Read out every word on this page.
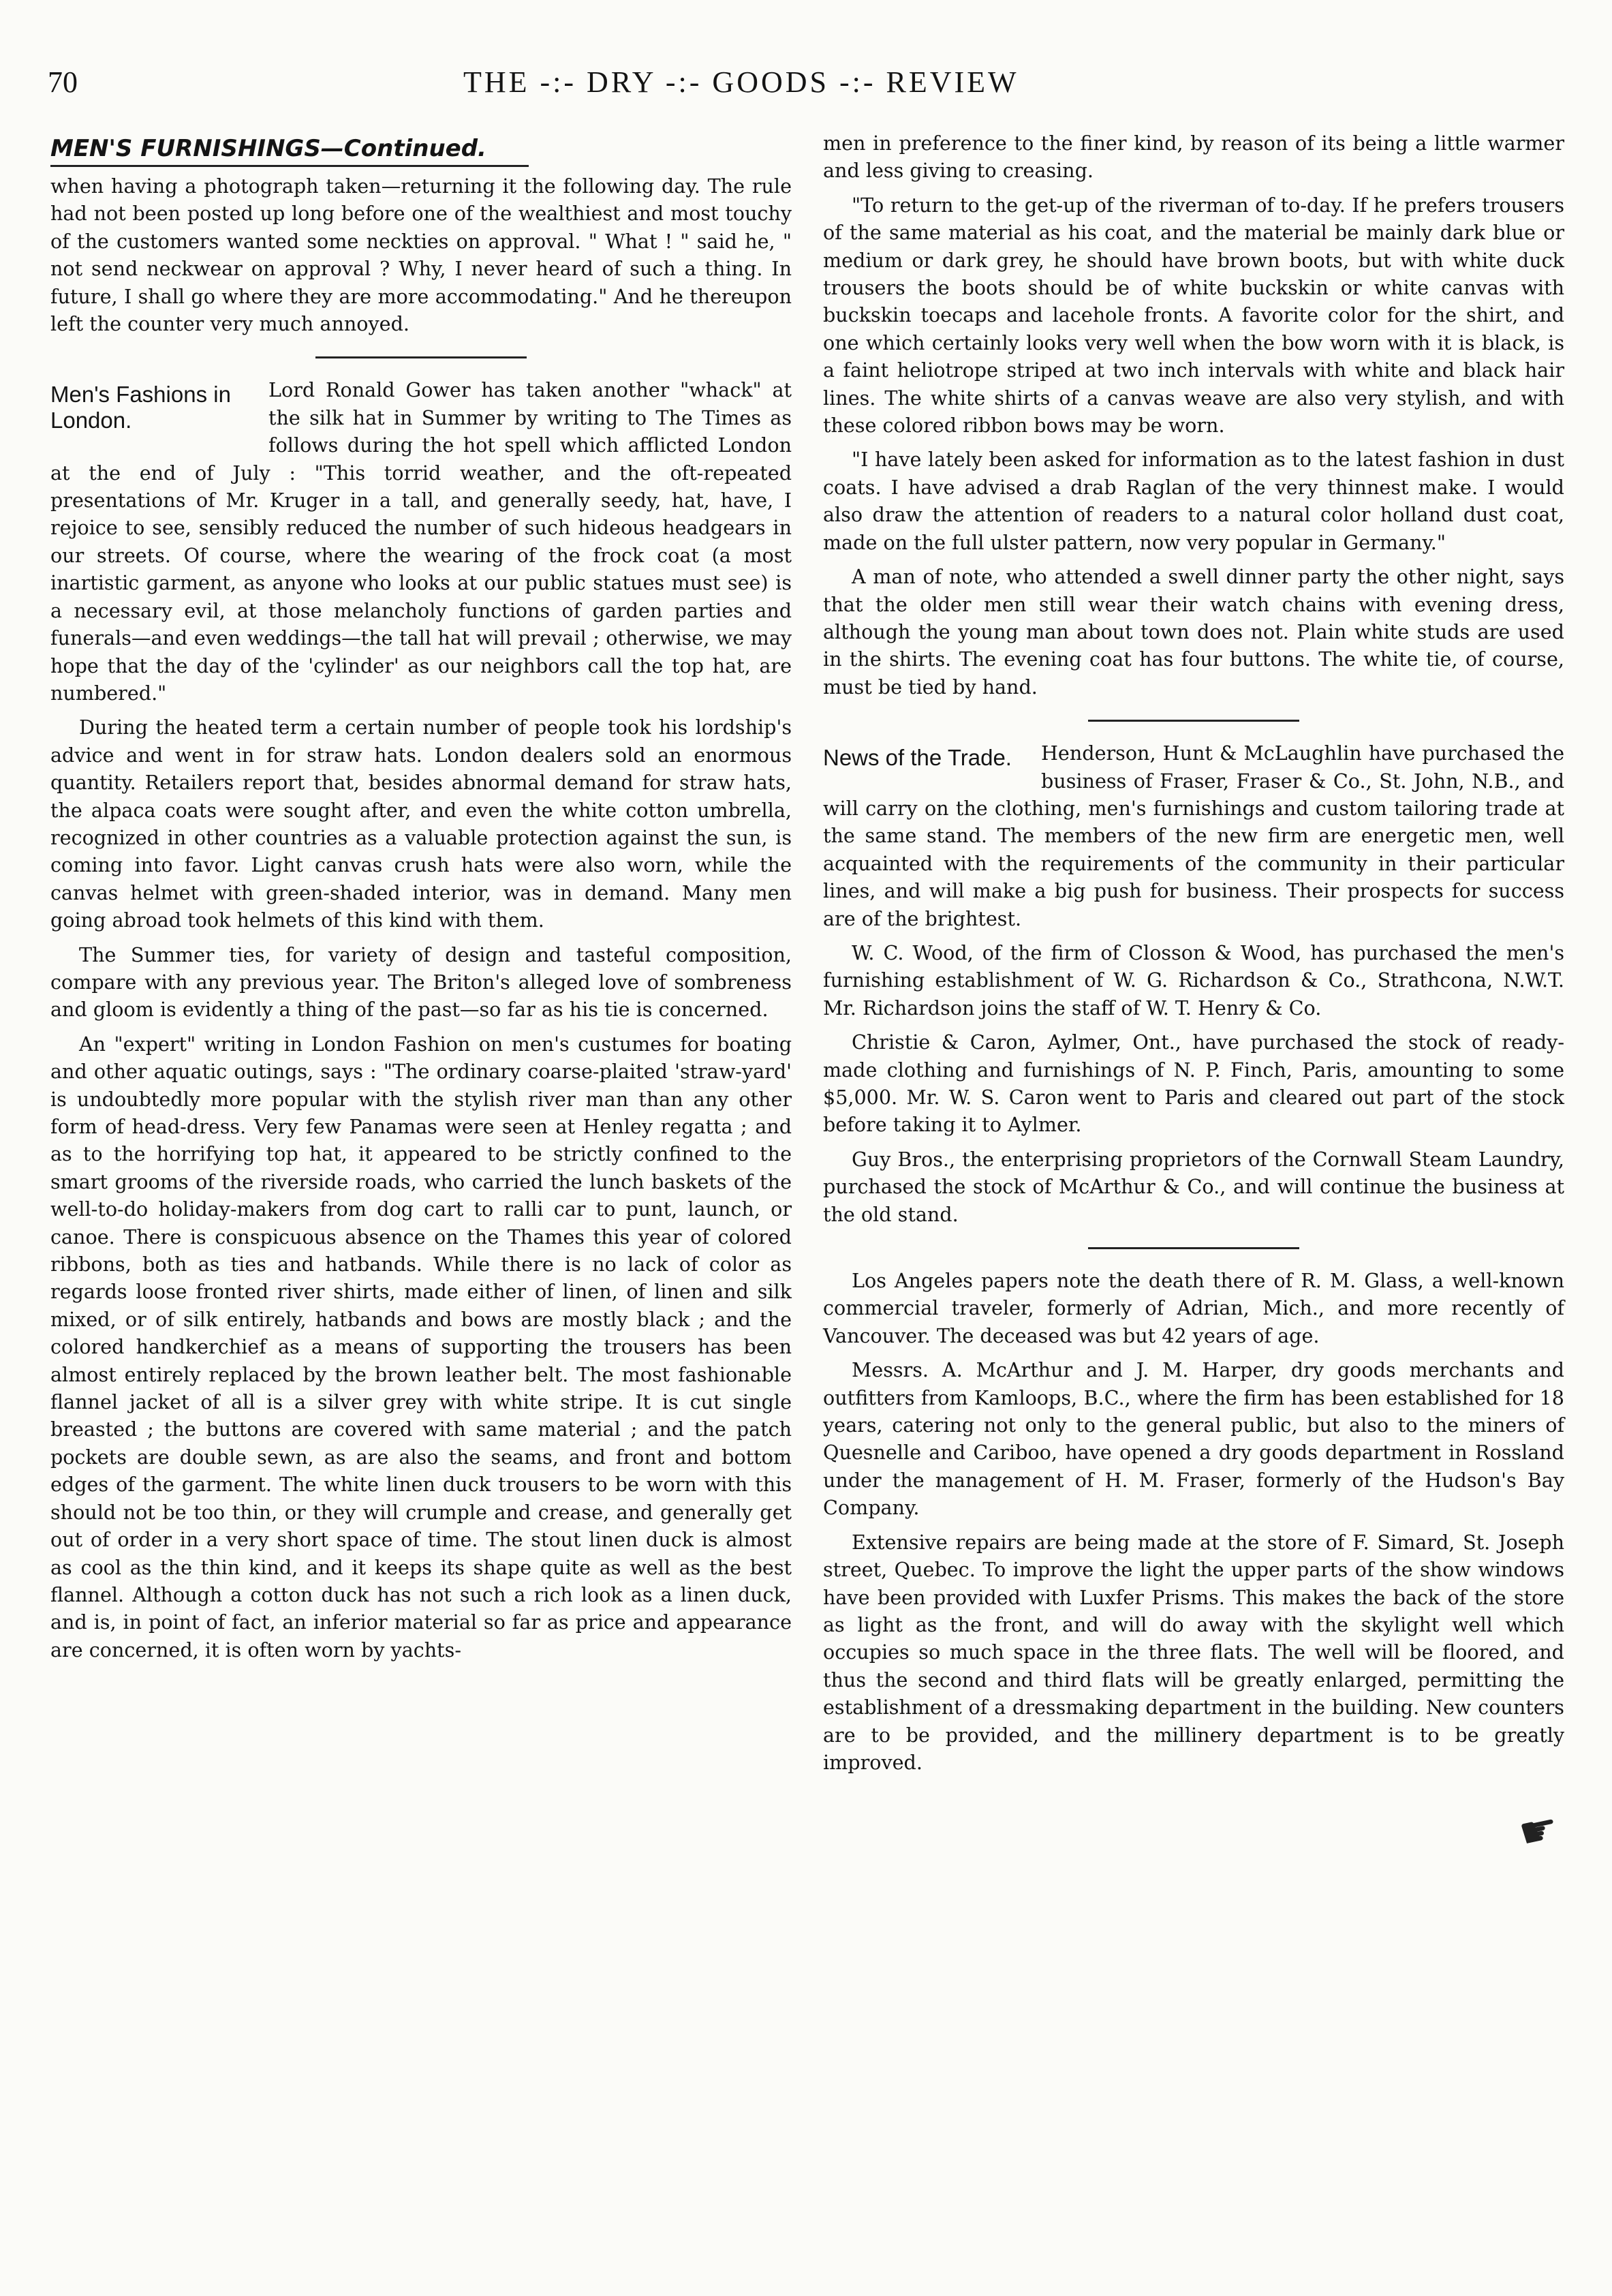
70	THE -:- DRY -:- GOODS -:- REVIEW
MEN'S FURNISHINGS—Continued.

when having a photograph taken—returning it the following day. The rule had not been posted up long before one of the wealthiest and most touchy of the customers wanted some neckties on approval. " What ! " said he, " not send neckwear on approval ? Why, I never heard of such a thing. In future, I shall go where they are more accommodating." And he thereupon left the counter very much annoyed.

Men's Fashions in London.

Lord Ronald Gower has taken another "whack" at the silk hat in Summer by writing to The Times as follows during the hot spell which afflicted London at the end of July : "This torrid weather, and the oft-repeated presentations of Mr. Kruger in a tall, and generally seedy, hat, have, I rejoice to see, sensibly reduced the number of such hideous headgears in our streets. Of course, where the wearing of the frock coat (a most inartistic garment, as anyone who looks at our public statues must see) is a necessary evil, at those melancholy functions of garden parties and funerals—and even weddings—the tall hat will prevail ; otherwise, we may hope that the day of the 'cylinder' as our neighbors call the top hat, are numbered."

During the heated term a certain number of people took his lordship's advice and went in for straw hats. London dealers sold an enormous quantity. Retailers report that, besides abnormal demand for straw hats, the alpaca coats were sought after, and even the white cotton umbrella, recognized in other countries as a valuable protection against the sun, is coming into favor. Light canvas crush hats were also worn, while the canvas helmet with green-shaded interior, was in demand. Many men going abroad took helmets of this kind with them.

The Summer ties, for variety of design and tasteful composition, compare with any previous year. The Briton's alleged love of sombreness and gloom is evidently a thing of the past—so far as his tie is concerned.

An "expert" writing in London Fashion on men's custumes for boating and other aquatic outings, says : "The ordinary coarse-plaited 'straw-yard' is undoubtedly more popular with the stylish river man than any other form of head-dress. Very few Panamas were seen at Henley regatta ; and as to the horrifying top hat, it appeared to be strictly confined to the smart grooms of the riverside roads, who carried the lunch baskets of the well-to-do holiday-makers from dog cart to ralli car to punt, launch, or canoe. There is conspicuous absence on the Thames this year of colored ribbons, both as ties and hatbands. While there is no lack of color as regards loose fronted river shirts, made either of linen, of linen and silk mixed, or of silk entirely, hatbands and bows are mostly black ; and the colored handkerchief as a means of supporting the trousers has been almost entirely replaced by the brown leather belt. The most fashionable flannel jacket of all is a silver grey with white stripe. It is cut single breasted ; the buttons are covered with same material ; and the patch pockets are double sewn, as are also the seams, and front and bottom edges of the garment. The white linen duck trousers to be worn with this should not be too thin, or they will crumple and crease, and generally get out of order in a very short space of time. The stout linen duck is almost as cool as the thin kind, and it keeps its shape quite as well as the best flannel. Although a cotton duck has not such a rich look as a linen duck, and is, in point of fact, an inferior material so far as price and appearance are concerned, it is often worn by yachts-

men in preference to the finer kind, by reason of its being a little warmer and less giving to creasing.

"To return to the get-up of the riverman of to-day. If he prefers trousers of the same material as his coat, and the material be mainly dark blue or medium or dark grey, he should have brown boots, but with white duck trousers the boots should be of white buckskin or white canvas with buckskin toecaps and lacehole fronts. A favorite color for the shirt, and one which certainly looks very well when the bow worn with it is black, is a faint heliotrope striped at two inch intervals with white and black hair lines. The white shirts of a canvas weave are also very stylish, and with these colored ribbon bows may be worn.

"I have lately been asked for information as to the latest fashion in dust coats. I have advised a drab Raglan of the very thinnest make. I would also draw the attention of readers to a natural color holland dust coat, made on the full ulster pattern, now very popular in Germany."

A man of note, who attended a swell dinner party the other night, says that the older men still wear their watch chains with evening dress, although the young man about town does not. Plain white studs are used in the shirts. The evening coat has four buttons. The white tie, of course, must be tied by hand.

News of the Trade.	Henderson, Hunt & McLaughlin have purchased the business of Fraser, Fraser & Co., St. John, N.B., and will carry on the clothing, men's furnishings and custom tailoring trade at the same stand. The members of the new firm are energetic men, well acquainted with the requirements of the community in their particular lines, and will make a big push for business. Their prospects for success are of the brightest.

W. C. Wood, of the firm of Closson & Wood, has purchased the men's furnishing establishment of W. G. Richardson & Co., Strathcona, N.W.T. Mr. Richardson joins the staff of W. T. Henry & Co.

Christie & Caron, Aylmer, Ont., have purchased the stock of ready-made clothing and furnishings of N. P. Finch, Paris, amounting to some $5,000. Mr. W. S. Caron went to Paris and cleared out part of the stock before taking it to Aylmer.

Guy Bros., the enterprising proprietors of the Cornwall Steam Laundry, purchased the stock of McArthur & Co., and will continue the business at the old stand.

Los Angeles papers note the death there of R. M. Glass, a well-known commercial traveler, formerly of Adrian, Mich., and more recently of Vancouver. The deceased was but 42 years of age.

Messrs. A. McArthur and J. M. Harper, dry goods merchants and outfitters from Kamloops, B.C., where the firm has been established for 18 years, catering not only to the general public, but also to the miners of Quesnelle and Cariboo, have opened a dry goods department in Rossland under the management of H. M. Fraser, formerly of the Hudson's Bay Company.

Extensive repairs are being made at the store of F. Simard, St. Joseph street, Quebec. To improve the light the upper parts of the show windows have been provided with Luxfer Prisms. This makes the back of the store as light as the front, and will do away with the skylight well which occupies so much space in the three flats. The well will be floored, and thus the second and third flats will be greatly enlarged, permitting the establishment of a dressmaking department in the building. New counters are to be provided, and the millinery department is to be greatly improved.

☛
